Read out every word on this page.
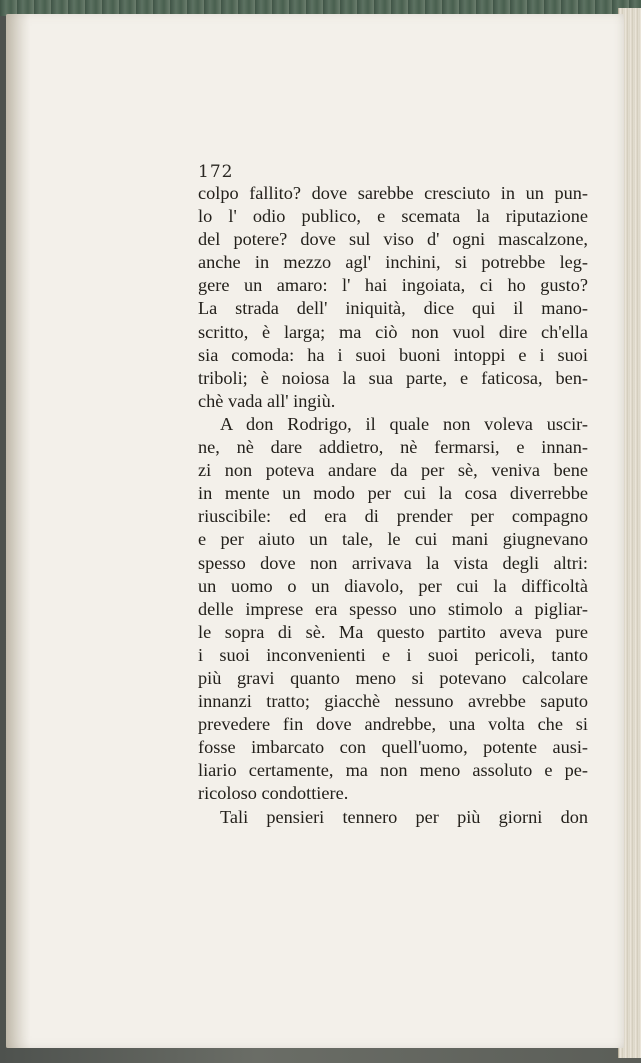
172
colpo fallito? dove sarebbe cresciuto in un pun-
lo l' odio publico, e scemata la riputazione
del potere? dove sul viso d' ogni mascalzone,
anche in mezzo agl' inchini, si potrebbe leg-
gere un amaro: l' hai ingoiata, ci ho gusto?
La strada dell' iniquità, dice qui il mano-
scritto, è larga; ma ciò non vuol dire ch'ella
sia comoda: ha i suoi buoni intoppi e i suoi
triboli; è noiosa la sua parte, e faticosa, ben-
chè vada all' ingiù.
A don Rodrigo, il quale non voleva uscir-
ne, nè dare addietro, nè fermarsi, e innan-
zi non poteva andare da per sè, veniva bene
in mente un modo per cui la cosa diverrebbe
riuscibile: ed era di prender per compagno
e per aiuto un tale, le cui mani giugnevano
spesso dove non arrivava la vista degli altri:
un uomo o un diavolo, per cui la difficoltà
delle imprese era spesso uno stimolo a pigliar-
le sopra di sè. Ma questo partito aveva pure
i suoi inconvenienti e i suoi pericoli, tanto
più gravi quanto meno si potevano calcolare
innanzi tratto; giacchè nessuno avrebbe saputo
prevedere fin dove andrebbe, una volta che si
fosse imbarcato con quell'uomo, potente ausi-
liario certamente, ma non meno assoluto e pe-
ricoloso condottiere.
Tali pensieri tennero per più giorni don
